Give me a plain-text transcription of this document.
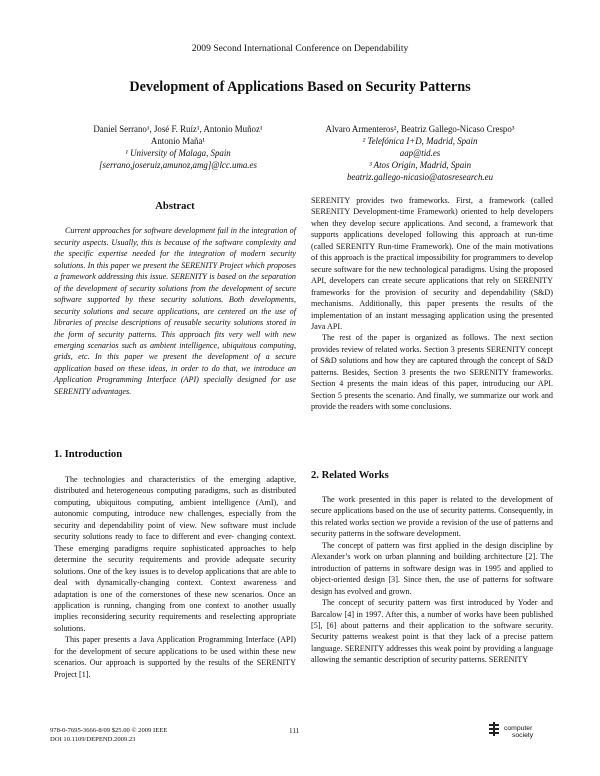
2009 Second International Conference on Dependability
Development of Applications Based on Security Patterns
Daniel Serrano¹, José F. Ruíz¹, Antonio Muñoz¹
Antonio Maña¹
¹ University of Malaga, Spain
[serrano,joseruiz,amunoz,amg]@lcc.uma.es
Alvaro Armenteros², Beatriz Gallego-Nicaso Crespo³
² Telefónica I+D, Madrid, Spain
aap@tid.es
³ Atos Origin, Madrid, Spain
beatriz.gallego-nicasio@atosresearch.eu
Abstract

Current approaches for software development fail in the integration of security aspects. Usually, this is because of the software complexity and the specific expertise needed for the integration of modern security solutions. In this paper we present the SERENITY Project which proposes a framework addressing this issue. SERENITY is based on the separation of the development of security solutions from the development of secure software supported by these security solutions. Both developments, security solutions and secure applications, are centered on the use of libraries of precise descriptions of reusable security solutions stored in the form of security patterns. This approach fits very well with new emerging scenarios such as ambient intelligence, ubiquitous computing, grids, etc. In this paper we present the development of a secure application based on these ideas, in order to do that, we introduce an Application Programming Interface (API) specially designed for use SERENITY advantages.

1. Introduction

The technologies and characteristics of the emerging adaptive, distributed and heterogeneous computing paradigms, such as distributed computing, ubiquitous computing, ambient intelligence (AmI), and autonomic computing, introduce new challenges, especially from the security and dependability point of view. New software must include security solutions ready to face to different and ever- changing context. These emerging paradigms require sophisticated approaches to help determine the security requirements and provide adequate security solutions. One of the key issues is to develop applications that are able to deal with dynamically-changing context. Context awareness and adaptation is one of the cornerstones of these new scenarios. Once an application is running, changing from one context to another usually implies reconsidering security requirements and reselecting appropriate solutions.

This paper presents a Java Application Programming Interface (API) for the development of secure applications to be used within these new scenarios. Our approach is supported by the results of the SERENITY Project [1].

SERENITY provides two frameworks. First, a framework (called SERENITY Development-time Framework) oriented to help developers when they develop secure applications. And second, a framework that supports applications developed following this approach at run-time (called SERENITY Run-time Framework). One of the main motivations of this approach is the practical impossibility for programmers to develop secure software for the new technological paradigms. Using the proposed API, developers can create secure applications that rely on SERENITY frameworks for the provision of security and dependability (S&D) mechanisms. Additionally, this paper presents the results of the implementation of an instant messaging application using the presented Java API.

The rest of the paper is organized as follows. The next section provides review of related works. Section 3 presents SERENITY concept of S&D solutions and how they are captured through the concept of S&D patterns. Besides, Section 3 presents the two SERENITY frameworks. Section 4 presents the main ideas of this paper, introducing our API. Section 5 presents the scenario. And finally, we summarize our work and provide the readers with some conclusions.

2. Related Works

The work presented in this paper is related to the development of secure applications based on the use of security patterns. Consequently, in this related works section we provide a revision of the use of patterns and security patterns in the software development.

The concept of pattern was first applied in the design discipline by Alexander’s work on urban planning and building architecture [2]. The introduction of patterns in software design was in 1995 and applied to object-oriented design [3]. Since then, the use of patterns for software design has evolved and grown.

The concept of security pattern was first introduced by Yoder and Barcalow [4] in 1997. After this, a number of works have been published [5], [6] about patterns and their application to the software security. Security patterns weakest point is that they lack of a precise pattern language. SERENITY addresses this weak point by providing a language allowing the semantic description of security patterns. SERENITY

978-0-7695-3666-8/09 $25.00 © 2009 IEEE
DOI 10.1109/DEPEND.2009.23
111	computer
society
